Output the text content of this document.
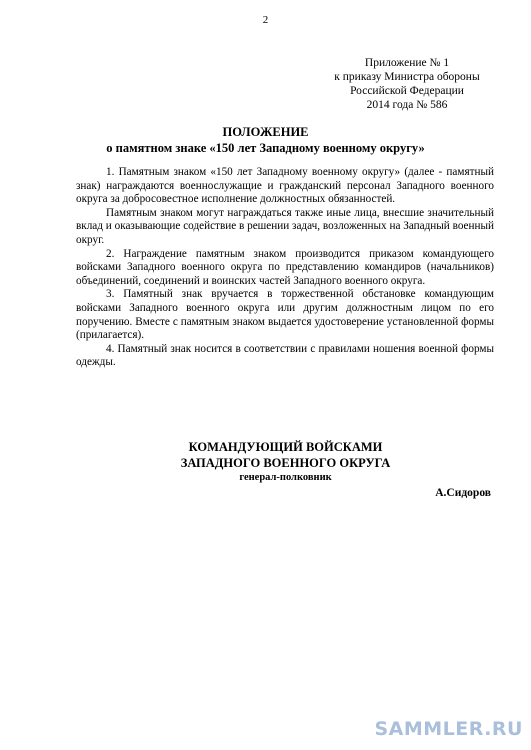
2
Приложение № 1
к приказу Министра обороны
Российской Федерации
2014 года № 586
ПОЛОЖЕНИЕ
о памятном знаке «150 лет Западному военному округу»

1. Памятным знаком «150 лет Западному военному округу» (далее - памятный знак) награждаются военнослужащие и гражданский персонал Западного военного округа за добросовестное исполнение должностных обязанностей.

Памятным знаком могут награждаться также иные лица, внесшие значительный вклад и оказывающие содействие в решении задач, возложенных на Западный военный округ.

2. Награждение памятным знаком производится приказом командующего войсками Западного военного округа по представлению командиров (начальников) объединений, соединений и воинских частей Западного военного округа.

3. Памятный знак вручается в торжественной обстановке командующим войсками Западного военного округа или другим должностным лицом по его поручению. Вместе с памятным знаком выдается удостоверение установленной формы (прилагается).

4. Памятный знак носится в соответствии с правилами ношения военной формы одежды.

КОМАНДУЮЩИЙ ВОЙСКАМИ
ЗАПАДНОГО ВОЕННОГО ОКРУГА
генерал-полковник
А.Сидоров
SAMMLER.RU
